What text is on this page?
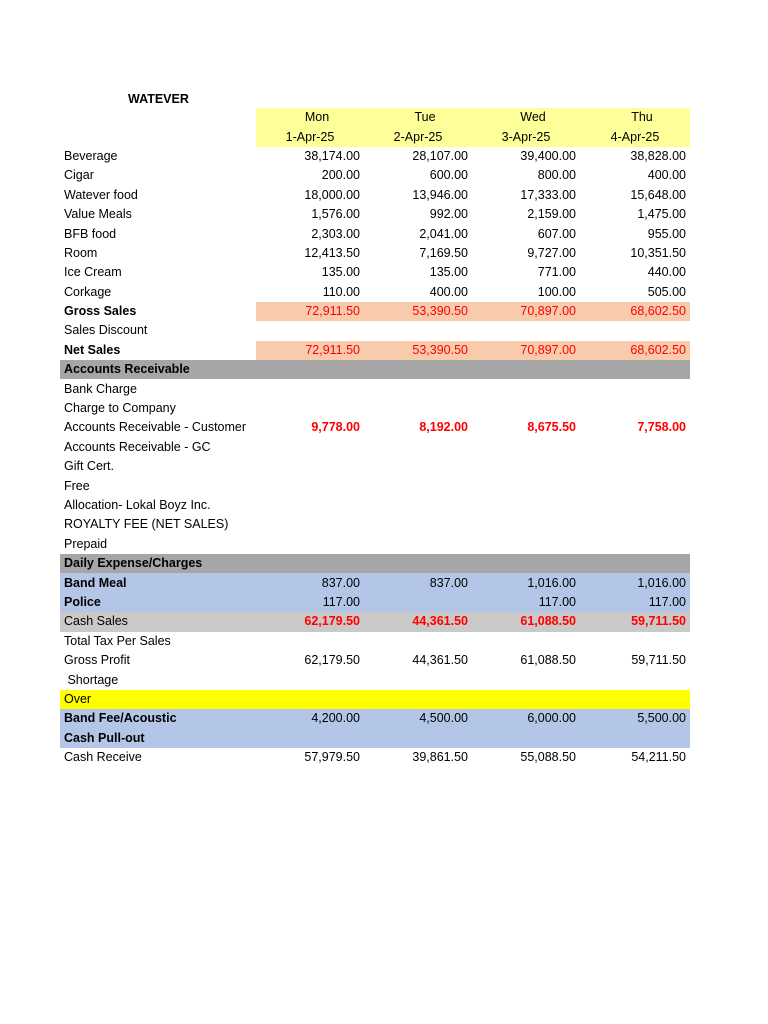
WATEVER
	Mon	Tue	Wed	Thu
	1-Apr-25	2-Apr-25	3-Apr-25	4-Apr-25
Beverage	38,174.00	28,107.00	39,400.00	38,828.00
Cigar	200.00	600.00	800.00	400.00
Watever food	18,000.00	13,946.00	17,333.00	15,648.00
Value Meals	1,576.00	992.00	2,159.00	1,475.00
BFB food	2,303.00	2,041.00	607.00	955.00
Room	12,413.50	7,169.50	9,727.00	10,351.50
Ice Cream	135.00	135.00	771.00	440.00
Corkage	110.00	400.00	100.00	505.00
Gross Sales	72,911.50	53,390.50	70,897.00	68,602.50
Sales Discount				
Net Sales	72,911.50	53,390.50	70,897.00	68,602.50
Accounts Receivable				
Bank Charge				
Charge to Company				
Accounts Receivable - Customer	9,778.00	8,192.00	8,675.50	7,758.00
Accounts Receivable - GC				
Gift Cert.				
Free				
Allocation- Lokal Boyz Inc.				
ROYALTY FEE (NET SALES)				
Prepaid				
Daily Expense/Charges				
Band Meal	837.00	837.00	1,016.00	1,016.00
Police	117.00		117.00	117.00
Cash Sales	62,179.50	44,361.50	61,088.50	59,711.50
Total Tax Per Sales				
Gross Profit	62,179.50	44,361.50	61,088.50	59,711.50
Shortage				
Over				
Band Fee/Acoustic	4,200.00	4,500.00	6,000.00	5,500.00
Cash Pull-out				
Cash Receive	57,979.50	39,861.50	55,088.50	54,211.50
